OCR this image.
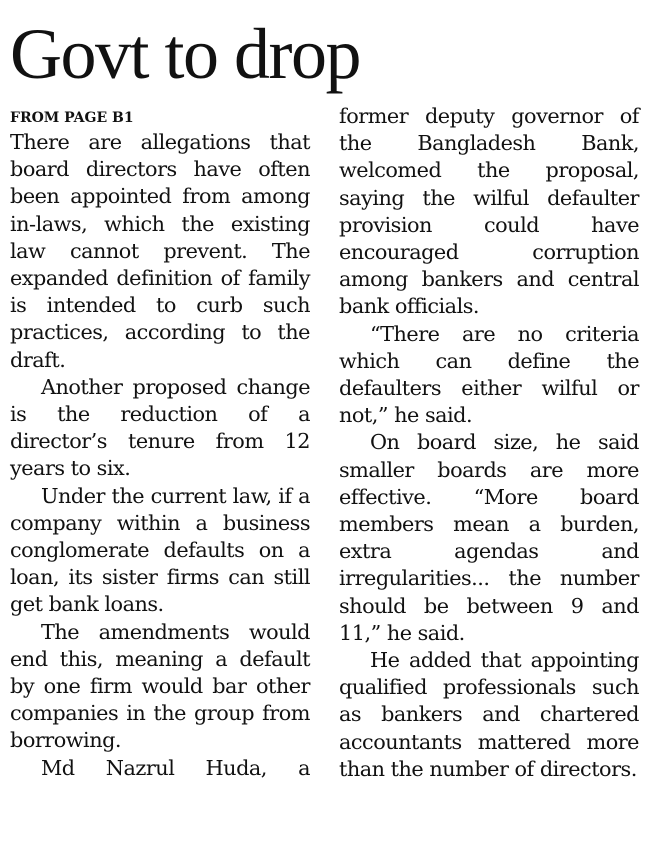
Govt to drop
FROM PAGE B1

There are allegations that board directors have often been appointed from among in-laws, which the existing law cannot prevent. The expanded definition of family is intended to curb such practices, according to the draft.

Another proposed change is the reduction of a director’s tenure from 12 years to six.

Under the current law, if a company within a business conglomerate defaults on a loan, its sister firms can still get bank loans.

The amendments would end this, meaning a default by one firm would bar other companies in the group from borrowing.

Md Nazrul Huda, a

former deputy governor of the Bangladesh Bank, welcomed the proposal, saying the wilful defaulter provision could have encouraged corruption among bankers and central bank officials.

“There are no criteria which can define the defaulters either wilful or not,” he said.

On board size, he said smaller boards are more effective. “More board members mean a burden, extra agendas and irregularities... the number should be between 9 and 11,” he said.

He added that appointing qualified professionals such as bankers and chartered accountants mattered more than the number of directors.
